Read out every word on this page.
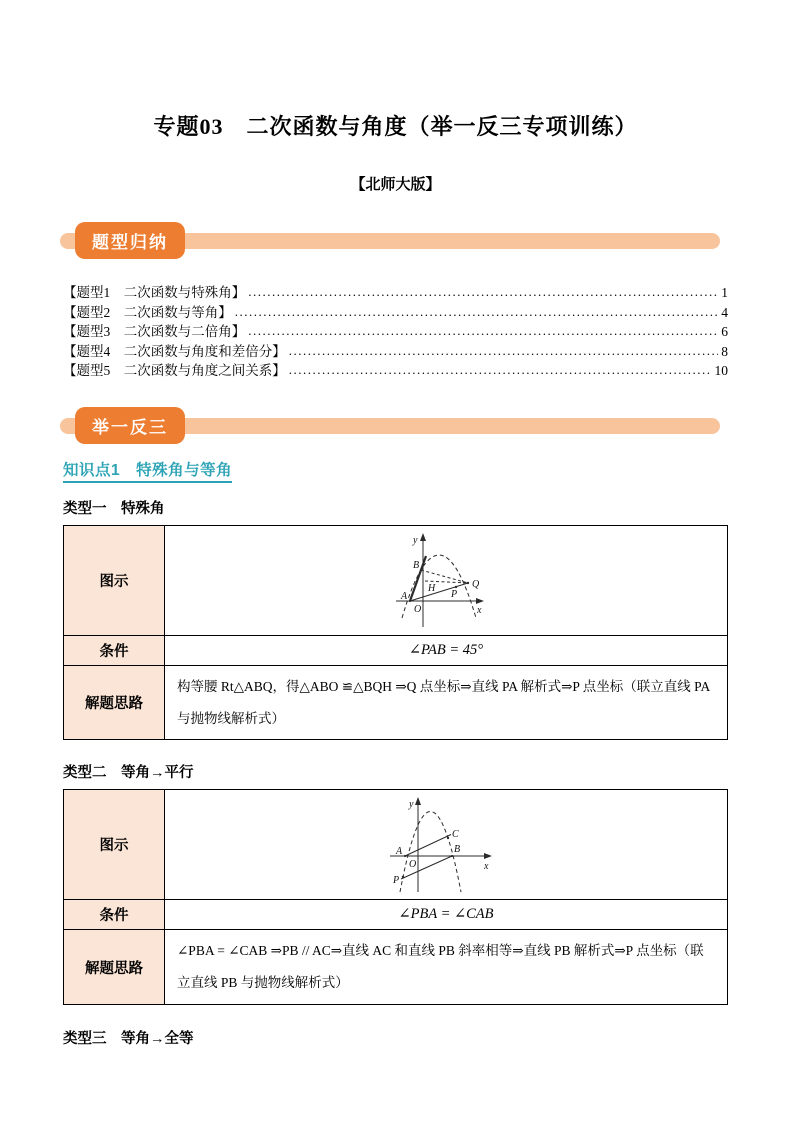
专题03　二次函数与角度（举一反三专项训练）
【北师大版】
题型归纳
【题型1　二次函数与特殊角】 .....	1
【题型2　二次函数与等角】 .....	4
【题型3　二次函数与二倍角】 .....	6
【题型4　二次函数与角度和差倍分】 .....	8
【题型5　二次函数与角度之间关系】 .....	10
举一反三
知识点1　特殊角与等角
类型一　特殊角
图示	
y
x
O
A
B
H
P
Q

条件	∠PAB = 45°
解题思路	构等腰 Rt△ABQ，得△ABO ≌△BQH ⇒Q 点坐标⇒直线 PA 解析式⇒P 点坐标（联立直线 PA 与抛物线解析式）
类型二　等角→平行
图示	
y
x
O
A	B
C
P

条件	∠PBA = ∠CAB
解题思路	∠PBA = ∠CAB ⇒PB // AC⇒直线 AC 和直线 PB 斜率相等⇒直线 PB 解析式⇒P 点坐标（联立直线 PB 与抛物线解析式）
类型三　等角→全等
